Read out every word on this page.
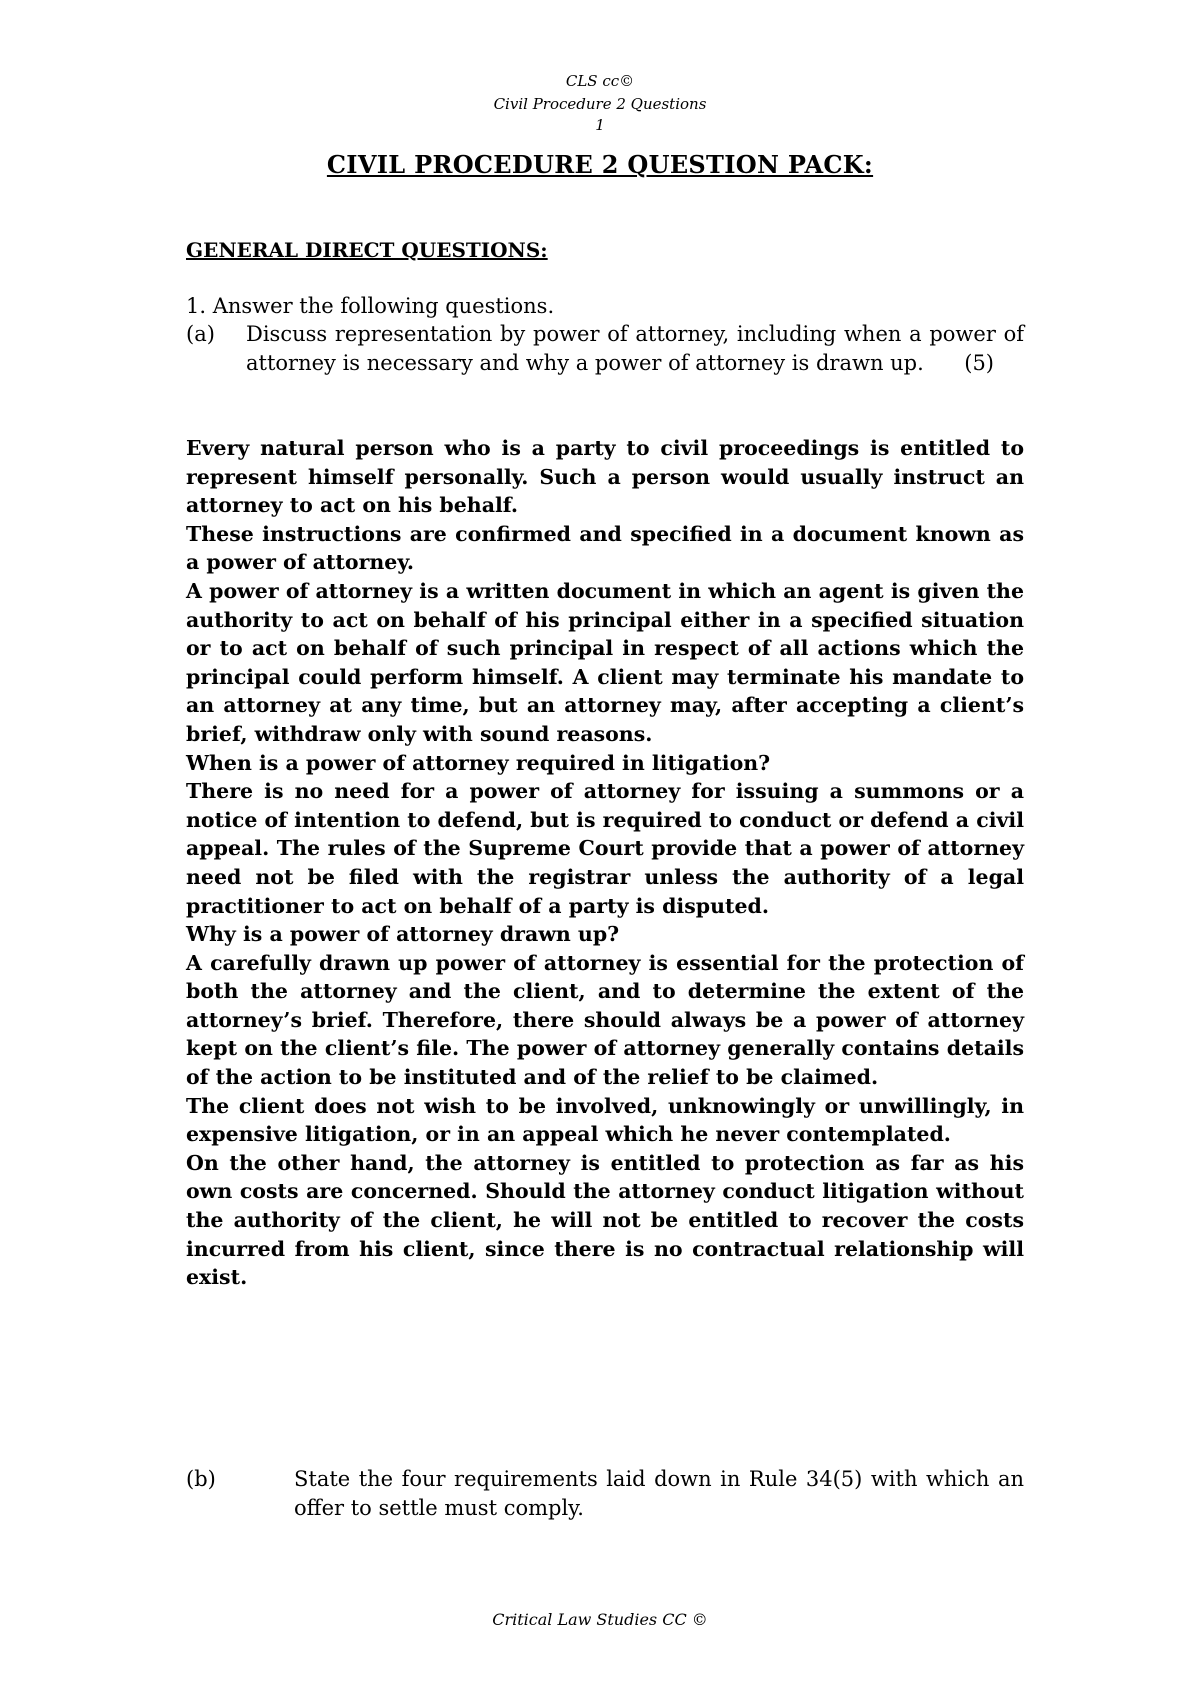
CLS cc©
Civil Procedure 2 Questions
1
CIVIL PROCEDURE 2 QUESTION PACK:
GENERAL DIRECT QUESTIONS:
1. Answer the following questions.
(a) Discuss representation by power of attorney, including when a power of attorney is necessary and why a power of attorney is drawn up. (5)

Every natural person who is a party to civil proceedings is entitled to represent himself personally. Such a person would usually instruct an attorney to act on his behalf.

These instructions are confirmed and specified in a document known as a power of attorney.

A power of attorney is a written document in which an agent is given the authority to act on behalf of his principal either in a specified situation or to act on behalf of such principal in respect of all actions which the principal could perform himself. A client may terminate his mandate to an attorney at any time, but an attorney may, after accepting a client’s brief, withdraw only with sound reasons.

When is a power of attorney required in litigation?

There is no need for a power of attorney for issuing a summons or a notice of intention to defend, but is required to conduct or defend a civil appeal. The rules of the Supreme Court provide that a power of attorney need not be filed with the registrar unless the authority of a legal practitioner to act on behalf of a party is disputed.

Why is a power of attorney drawn up?

A carefully drawn up power of attorney is essential for the protection of both the attorney and the client, and to determine the extent of the attorney’s brief. Therefore, there should always be a power of attorney kept on the client’s file. The power of attorney generally contains details of the action to be instituted and of the relief to be claimed.

The client does not wish to be involved, unknowingly or unwillingly, in expensive litigation, or in an appeal which he never contemplated.

On the other hand, the attorney is entitled to protection as far as his own costs are concerned. Should the attorney conduct litigation without the authority of the client, he will not be entitled to recover the costs incurred from his client, since there is no contractual relationship will exist.

(b)	State the four requirements laid down in Rule 34(5) with which an offer to settle must comply.
Critical Law Studies CC ©
